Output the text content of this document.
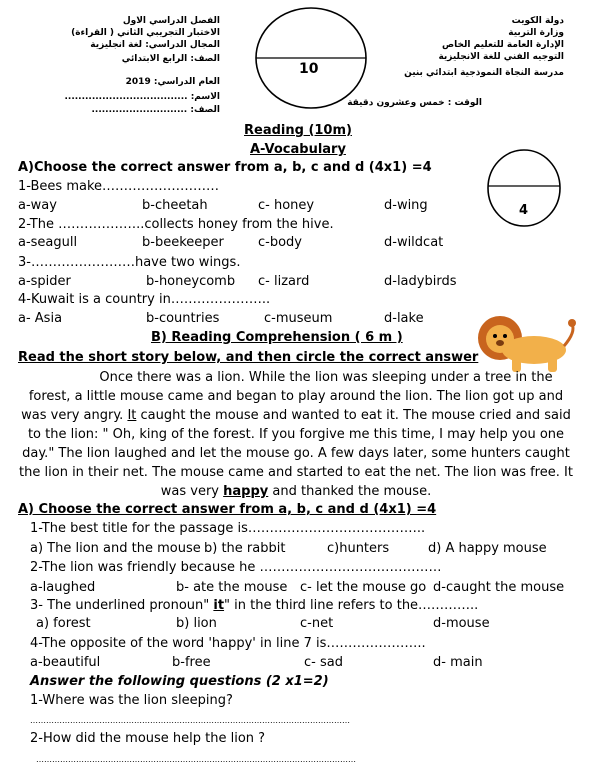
دولة الكويت
وزارة التربية
الإدارة العامة للتعليم الخاص
التوجيه الفني للغة الانجليزية
مدرسة النجاة النموذجية ابتدائي بنين
الفصل الدراسي الاول
الاختبار التجريبي الثاني ( القراءة)
المجال الدراسي: لغة انجليزية
الصف: الرابع الابتدائي
العام الدراسي: 2019
الاسم: ....................................
الصف: ............................
الوقت : خمس وعشرون دقيقة
10
4
Reading (10m)
A-Vocabulary
A)Choose the correct answer from a, b, c and d (4x1) =4
1-Bees make………………………
a-way	b-cheetah	c- honey	d-wing
2-The ………………..collects honey from the hive.
a-seagull	b-beekeeper	c-body	d-wildcat
3-……………………have two wings.
a-spider	b-honeycomb c- lizard	d-ladybirds
4-Kuwait is a country in…………………..
a- Asia	b-countries	c-museum	d-lake
B) Reading Comprehension ( 6 m )
Read the short story below, and then circle the correct answer
Once there was a lion. While the lion was sleeping under a tree in the forest, a little mouse came and began to play around the lion. The lion got up and was very angry. It caught the mouse and wanted to eat it. The mouse cried and said to the lion: " Oh, king of the forest. If you forgive me this time, I may help you one day." The lion laughed and let the mouse go. A few days later, some hunters caught the lion in their net. The mouse came and started to eat the net. The lion was free. It was very happy and thanked the mouse.
A) Choose the correct answer from a, b, c and d (4x1) =4
1-The best title for the passage is…………………………………..
a) The lion and the mouse b) the rabbit	c)hunters	d) A happy mouse
2-The lion was friendly because he ……………………………………
a-laughed	b- ate the mouse c- let the mouse go d-caught the mouse
3- The underlined pronoun" it" in the third line refers to the…………..
a) forest	b) lion	c-net	d-mouse
4-The opposite of the word 'happy' in line 7 is…………………..
a-beautiful	b-free	c- sad	d- main
Answer the following questions (2 x1=2)
1-Where was the lion sleeping?
…………………………………………………………………………………………………………
2-How did the mouse help the lion ?
…………………………………………………………………………………………………………
